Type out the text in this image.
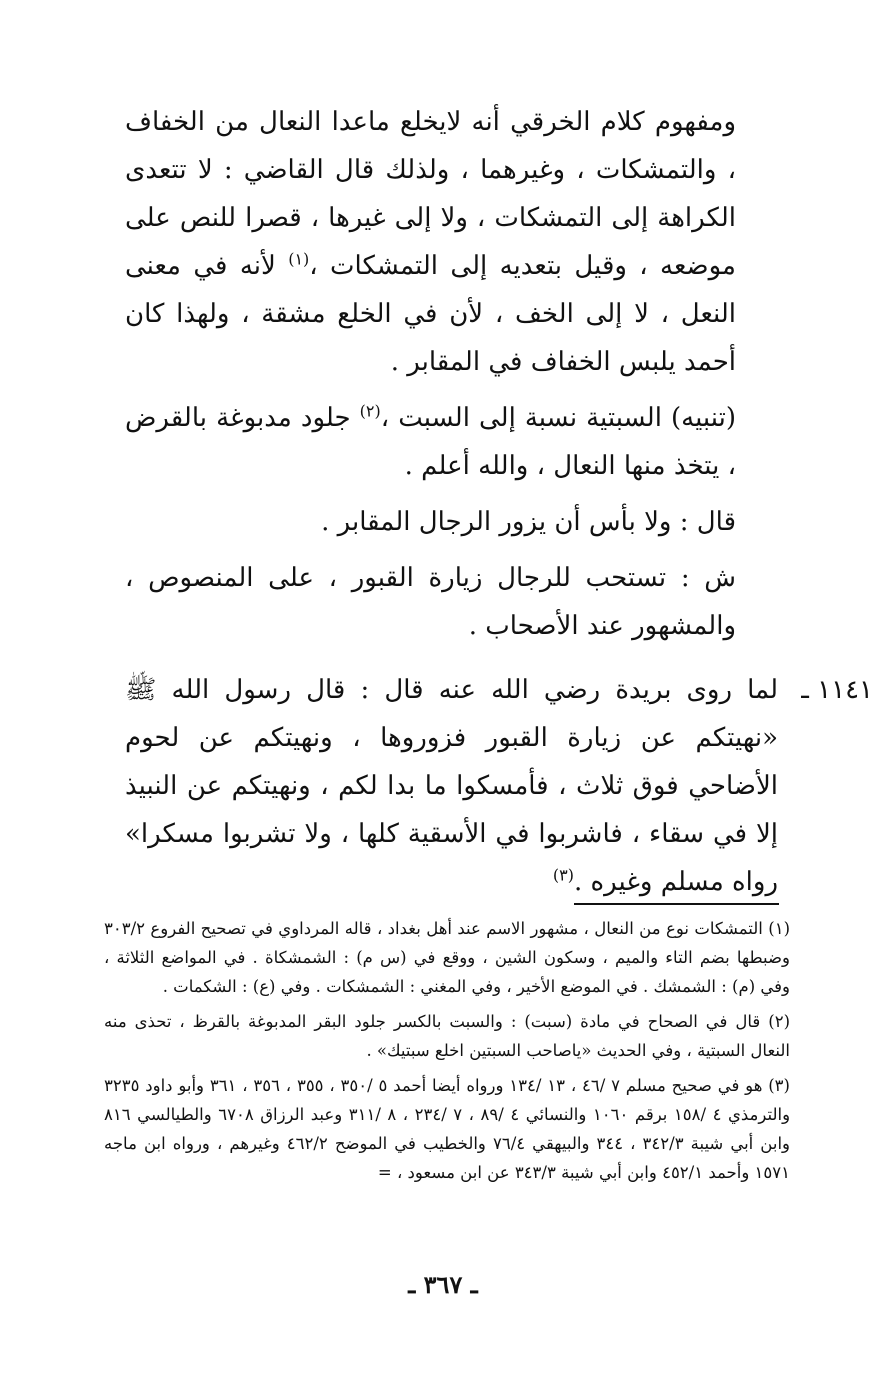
ومفهوم كلام الخرقي أنه لايخلع ماعدا النعال من الخفاف ، والتمشكات ، وغيرهما ، ولذلك قال القاضي : لا تتعدى الكراهة إلى التمشكات ، ولا إلى غيرها ، قصرا للنص على موضعه ، وقيل بتعديه إلى التمشكات ،$^{(١)}$ لأنه في معنى النعل ، لا إلى الخف ، لأن في الخلع مشقة ، ولهذا كان أحمد يلبس الخفاف في المقابر .

(تنبيه) السبتية نسبة إلى السبت ،$^{(٢)}$ جلود مدبوغة بالقرض ، يتخذ منها النعال ، والله أعلم .

قال : ولا بأس أن يزور الرجال المقابر .

ش : تستحب للرجال زيارة القبور ، على المنصوص ، والمشهور عند الأصحاب .

١١٤١ ـ

لما روى بريدة رضي الله عنه قال : قال رسول الله ﷺ «نهيتكم عن زيارة القبور فزوروها ، ونهيتكم عن لحوم الأضاحي فوق ثلاث ، فأمسكوا ما بدا لكم ، ونهيتكم عن النبيذ إلا في سقاء ، فاشربوا في الأسقية كلها ، ولا تشربوا مسكرا» رواه مسلم وغيره .$^{(٣)}$

(١) التمشكات نوع من النعال ، مشهور الاسم عند أهل بغداد ، قاله المرداوي في تصحيح الفروع ٣٠٣/٢ وضبطها بضم التاء والميم ، وسكون الشين ، ووقع في (س م) : الشمشكاة . في المواضع الثلاثة ، وفي (م) : الشمشك . في الموضع الأخير ، وفي المغني : الشمشكات . وفي (ع) : الشكمات .

(٢) قال في الصحاح في مادة (سبت) : والسبت بالكسر جلود البقر المدبوغة بالقرظ ، تحذى منه النعال السبتية ، وفي الحديث «ياصاحب السبتين اخلع سبتيك» .

(٣) هو في صحيح مسلم ٧ /٤٦ ، ١٣ /١٣٤ ورواه أيضا أحمد ٥ /٣٥٠ ، ٣٥٥ ، ٣٥٦ ، ٣٦١ وأبو داود ٣٢٣٥ والترمذي ٤ /١٥٨ برقم ١٠٦٠ والنسائي ٤ /٨٩ ، ٧ /٢٣٤ ، ٨ /٣١١ وعبد الرزاق ٦٧٠٨ والطيالسي ٨١٦ وابن أبي شيبة ٣٤٢/٣ ، ٣٤٤ والبيهقي ٧٦/٤ والخطيب في الموضح ٤٦٢/٢ وغيرهم ، ورواه ابن ماجه ١٥٧١ وأحمد ٤٥٢/١ وابن أبي شيبة ٣٤٣/٣ عن ابن مسعود ، =

ـ ٣٦٧ ـ
